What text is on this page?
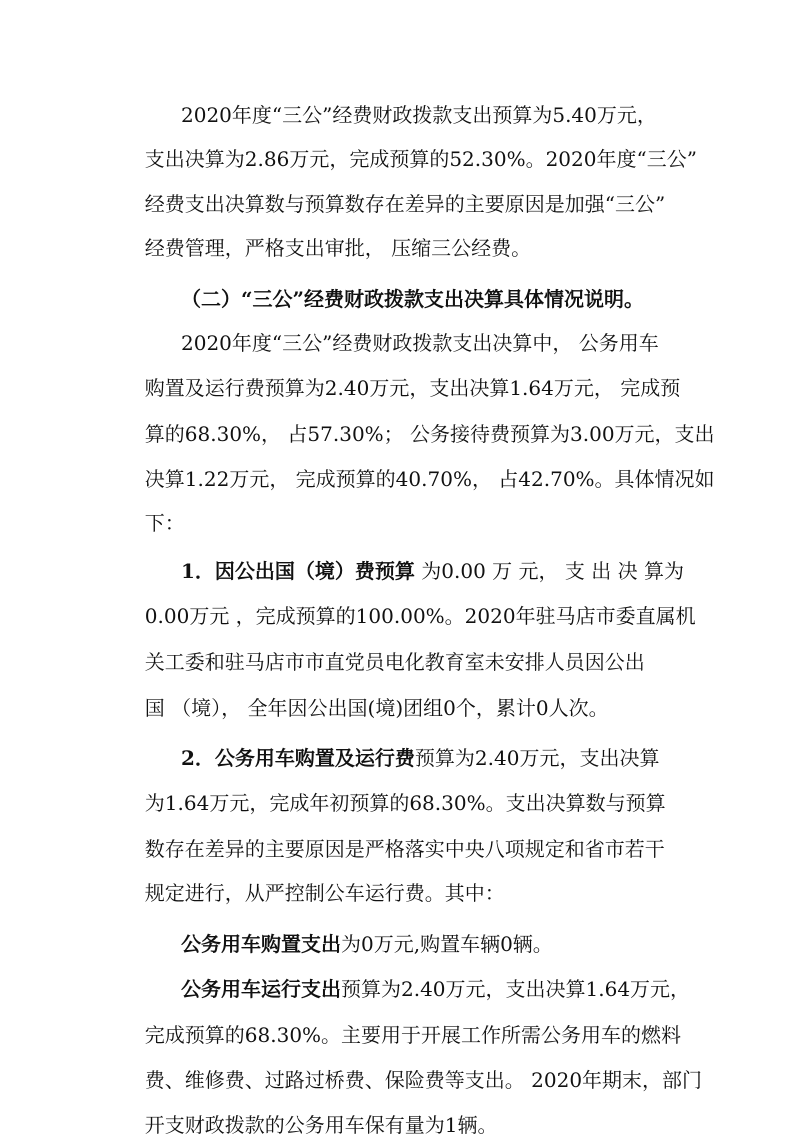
2020年度“三公”经费财政拨款支出预算为5.40万元，
支出决算为2.86万元，完成预算的52.30%。2020年度“三公”
经费支出决算数与预算数存在差异的主要原因是加强“三公”
经费管理，严格支出审批， 压缩三公经费。
（二）“三公”经费财政拨款支出决算具体情况说明。
2020年度“三公”经费财政拨款支出决算中， 公务用车
购置及运行费预算为2.40万元，支出决算1.64万元， 完成预
算的68.30%， 占57.30%； 公务接待费预算为3.00万元，支出
决算1.22万元， 完成预算的40.70%， 占42.70%。具体情况如
下：
1．因公出国（境）费预算 为0.00 万 元， 支 出 决 算为
0.00万元 ，完成预算的100.00%。2020年驻马店市委直属机
关工委和驻马店市市直党员电化教育室未安排人员因公出
国 （境）， 全年因公出国(境)团组0个，累计0人次。
2．公务用车购置及运行费预算为2.40万元，支出决算
为1.64万元，完成年初预算的68.30%。支出决算数与预算
数存在差异的主要原因是严格落实中央八项规定和省市若干
规定进行，从严控制公车运行费。其中：
公务用车购置支出为0万元,购置车辆0辆。
公务用车运行支出预算为2.40万元，支出决算1.64万元，
完成预算的68.30%。主要用于开展工作所需公务用车的燃料
费、维修费、过路过桥费、保险费等支出。 2020年期末，部门
开支财政拨款的公务用车保有量为1辆。
